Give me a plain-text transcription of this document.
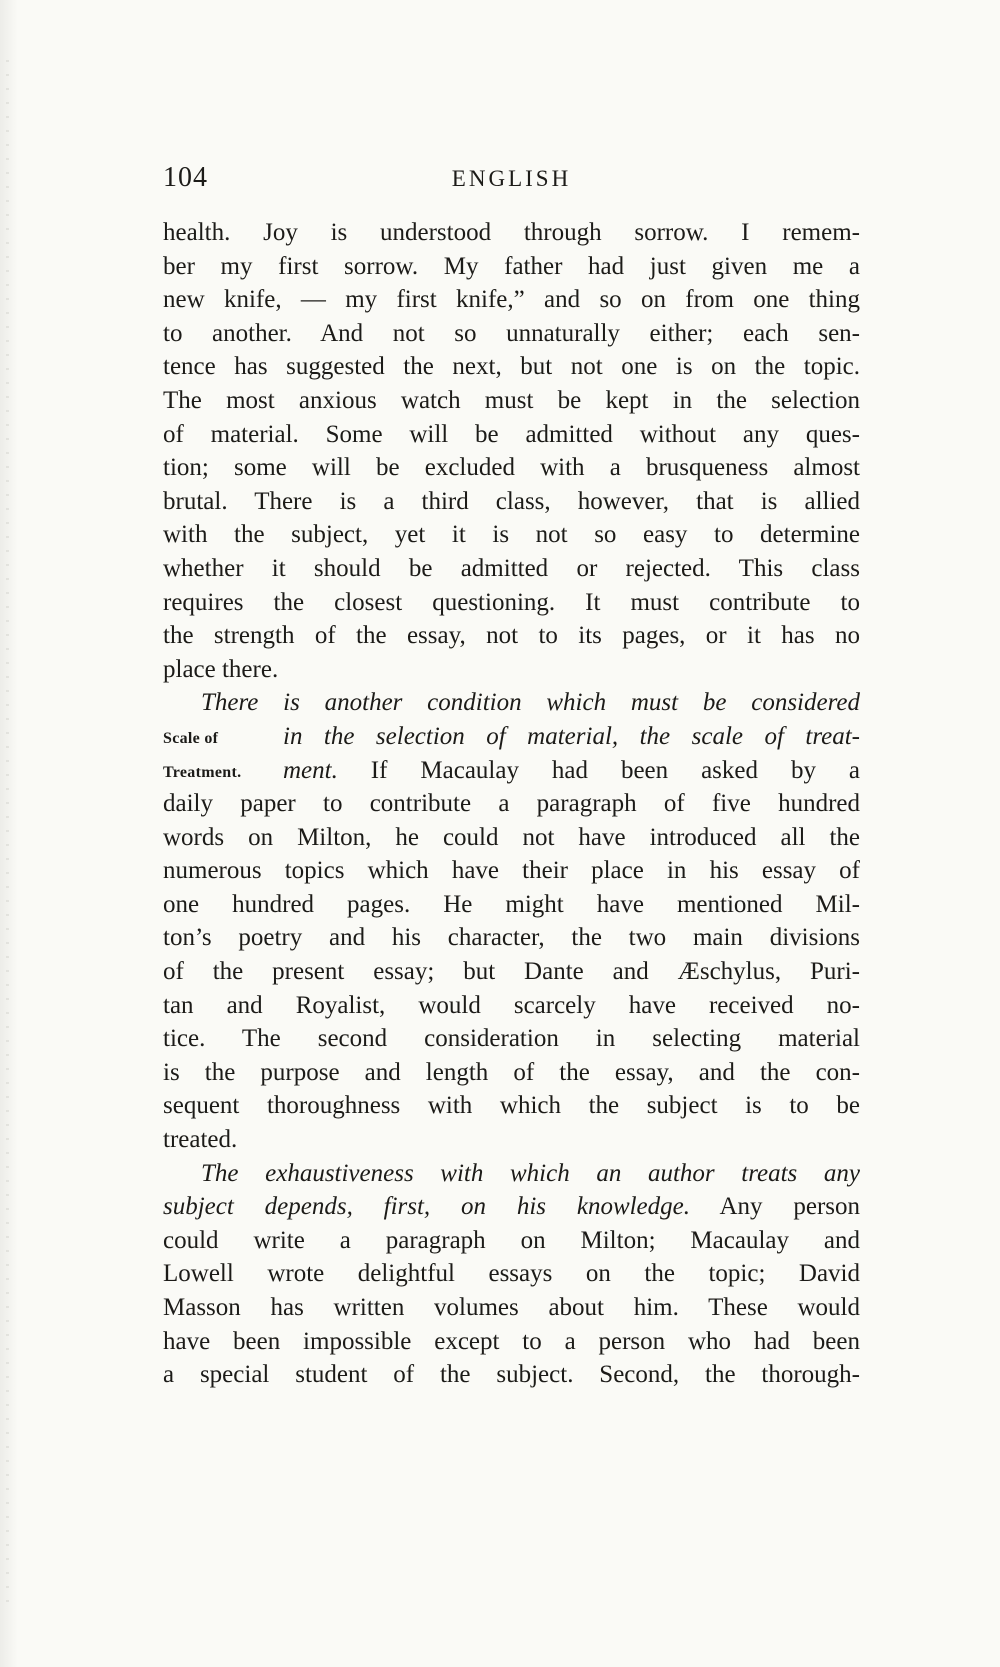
104	ENGLISH
health. Joy is understood through sorrow. I remem-
ber my first sorrow. My father had just given me a
new knife, — my first knife,” and so on from one thing
to another. And not so unnaturally either; each sen-
tence has suggested the next, but not one is on the topic.
The most anxious watch must be kept in the selection
of material. Some will be admitted without any ques-
tion; some will be excluded with a brusqueness almost
brutal. There is a third class, however, that is allied
with the subject, yet it is not so easy to determine
whether it should be admitted or rejected. This class
requires the closest questioning. It must contribute to
the strength of the essay, not to its pages, or it has no
place there.
There is another condition which must be considered
Scale of	in the selection of material, the scale of treat-
Treatment. ment. If Macaulay had been asked by a
daily paper to contribute a paragraph of five hundred
words on Milton, he could not have introduced all the
numerous topics which have their place in his essay of
one hundred pages. He might have mentioned Mil-
ton’s poetry and his character, the two main divisions
of the present essay; but Dante and Æschylus, Puri-
tan and Royalist, would scarcely have received no-
tice. The second consideration in selecting material
is the purpose and length of the essay, and the con-
sequent thoroughness with which the subject is to be
treated.
The exhaustiveness with which an author treats any
subject depends, first, on his knowledge. Any person
could write a paragraph on Milton; Macaulay and
Lowell wrote delightful essays on the topic; David
Masson has written volumes about him. These would
have been impossible except to a person who had been
a special student of the subject. Second, the thorough-
